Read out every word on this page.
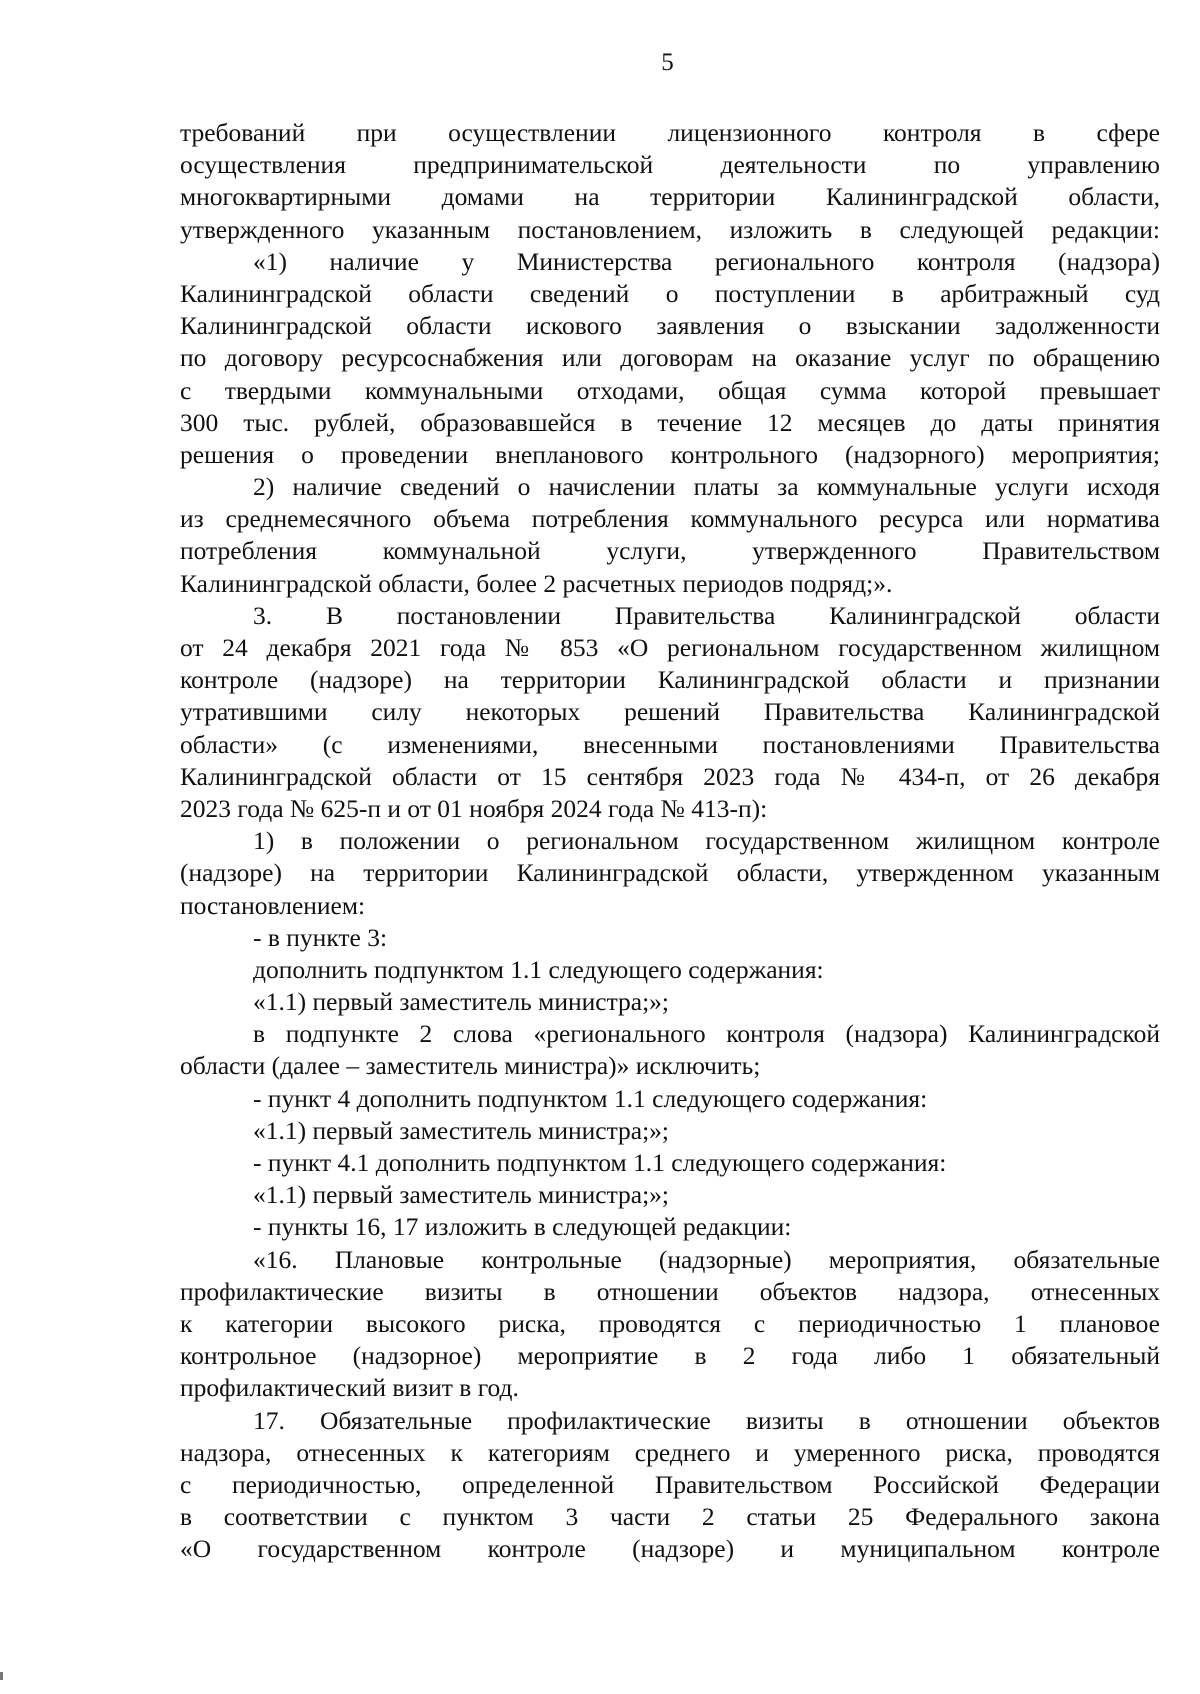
5
требований при осуществлении лицензионного контроля в сфере
осуществления предпринимательской деятельности по управлению
многоквартирными домами на территории Калининградской области,
утвержденного указанным постановлением, изложить в следующей редакции:
«1) наличие у Министерства регионального контроля (надзора)
Калининградской области сведений о поступлении в арбитражный суд
Калининградской области искового заявления о взыскании задолженности
по договору ресурсоснабжения или договорам на оказание услуг по обращению
с твердыми коммунальными отходами, общая сумма которой превышает
300 тыс. рублей, образовавшейся в течение 12 месяцев до даты принятия
решения о проведении внепланового контрольного (надзорного) мероприятия;
2) наличие сведений о начислении платы за коммунальные услуги исходя
из среднемесячного объема потребления коммунального ресурса или норматива
потребления коммунальной услуги, утвержденного Правительством
Калининградской области, более 2 расчетных периодов подряд;».
3. В постановлении Правительства Калининградской области
от 24 декабря 2021 года № 853 «О региональном государственном жилищном
контроле (надзоре) на территории Калининградской области и признании
утратившими силу некоторых решений Правительства Калининградской
области» (с изменениями, внесенными постановлениями Правительства
Калининградской области от 15 сентября 2023 года № 434-п, от 26 декабря
2023 года № 625-п и от 01 ноября 2024 года № 413-п):
1) в положении о региональном государственном жилищном контроле
(надзоре) на территории Калининградской области, утвержденном указанным
постановлением:
- в пункте 3:
дополнить подпунктом 1.1 следующего содержания:
«1.1) первый заместитель министра;»;
в подпункте 2 слова «регионального контроля (надзора) Калининградской
области (далее – заместитель министра)» исключить;
- пункт 4 дополнить подпунктом 1.1 следующего содержания:
«1.1) первый заместитель министра;»;
- пункт 4.1 дополнить подпунктом 1.1 следующего содержания:
«1.1) первый заместитель министра;»;
- пункты 16, 17 изложить в следующей редакции:
«16. Плановые контрольные (надзорные) мероприятия, обязательные
профилактические визиты в отношении объектов надзора, отнесенных
к категории высокого риска, проводятся с периодичностью 1 плановое
контрольное (надзорное) мероприятие в 2 года либо 1 обязательный
профилактический визит в год.
17. Обязательные профилактические визиты в отношении объектов
надзора, отнесенных к категориям среднего и умеренного риска, проводятся
с периодичностью, определенной Правительством Российской Федерации
в соответствии с пунктом 3 части 2 статьи 25 Федерального закона
«О государственном контроле (надзоре) и муниципальном контроле
